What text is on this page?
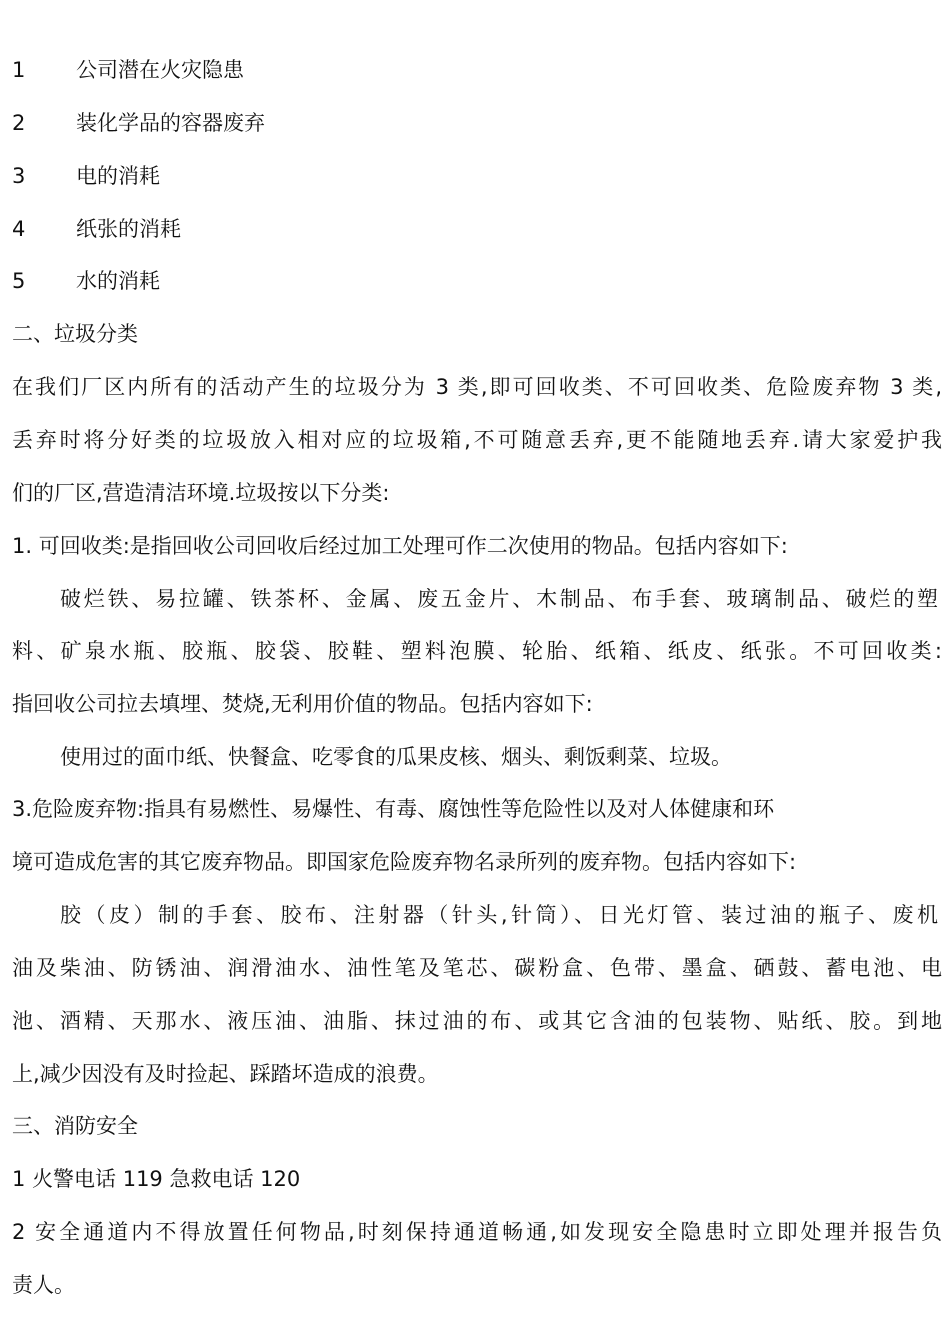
1 公司潜在火灾隐患
2 装化学品的容器废弃
3 电的消耗
4 纸张的消耗
5 水的消耗
二、垃圾分类
在我们厂区内所有的活动产生的垃圾分为 3 类,即可回收类、不可回收类、危险废弃物 3 类,
丢弃时将分好类的垃圾放入相对应的垃圾箱,不可随意丢弃,更不能随地丢弃.请大家爱护我
们的厂区,营造清洁环境.垃圾按以下分类:
1. 可回收类:是指回收公司回收后经过加工处理可作二次使用的物品。包括内容如下:
破烂铁、易拉罐、铁茶杯、金属、废五金片、木制品、布手套、玻璃制品、破烂的塑
料、矿泉水瓶、胶瓶、胶袋、胶鞋、塑料泡膜、轮胎、纸箱、纸皮、纸张。不可回收类:
指回收公司拉去填埋、焚烧,无利用价值的物品。包括内容如下:
使用过的面巾纸、快餐盒、吃零食的瓜果皮核、烟头、剩饭剩菜、垃圾。
3.危险废弃物:指具有易燃性、易爆性、有毒、腐蚀性等危险性以及对人体健康和环
境可造成危害的其它废弃物品。即国家危险废弃物名录所列的废弃物。包括内容如下:
胶（皮）制的手套、胶布、注射器（针头,针筒）、日光灯管、装过油的瓶子、废机
油及柴油、防锈油、润滑油水、油性笔及笔芯、碳粉盒、色带、墨盒、硒鼓、蓄电池、电
池、酒精、天那水、液压油、油脂、抹过油的布、或其它含油的包装物、贴纸、胶。到地
上,减少因没有及时捡起、踩踏坏造成的浪费。
三、消防安全
1 火警电话 119 急救电话 120
2 安全通道内不得放置任何物品,时刻保持通道畅通,如发现安全隐患时立即处理并报告负
责人。
